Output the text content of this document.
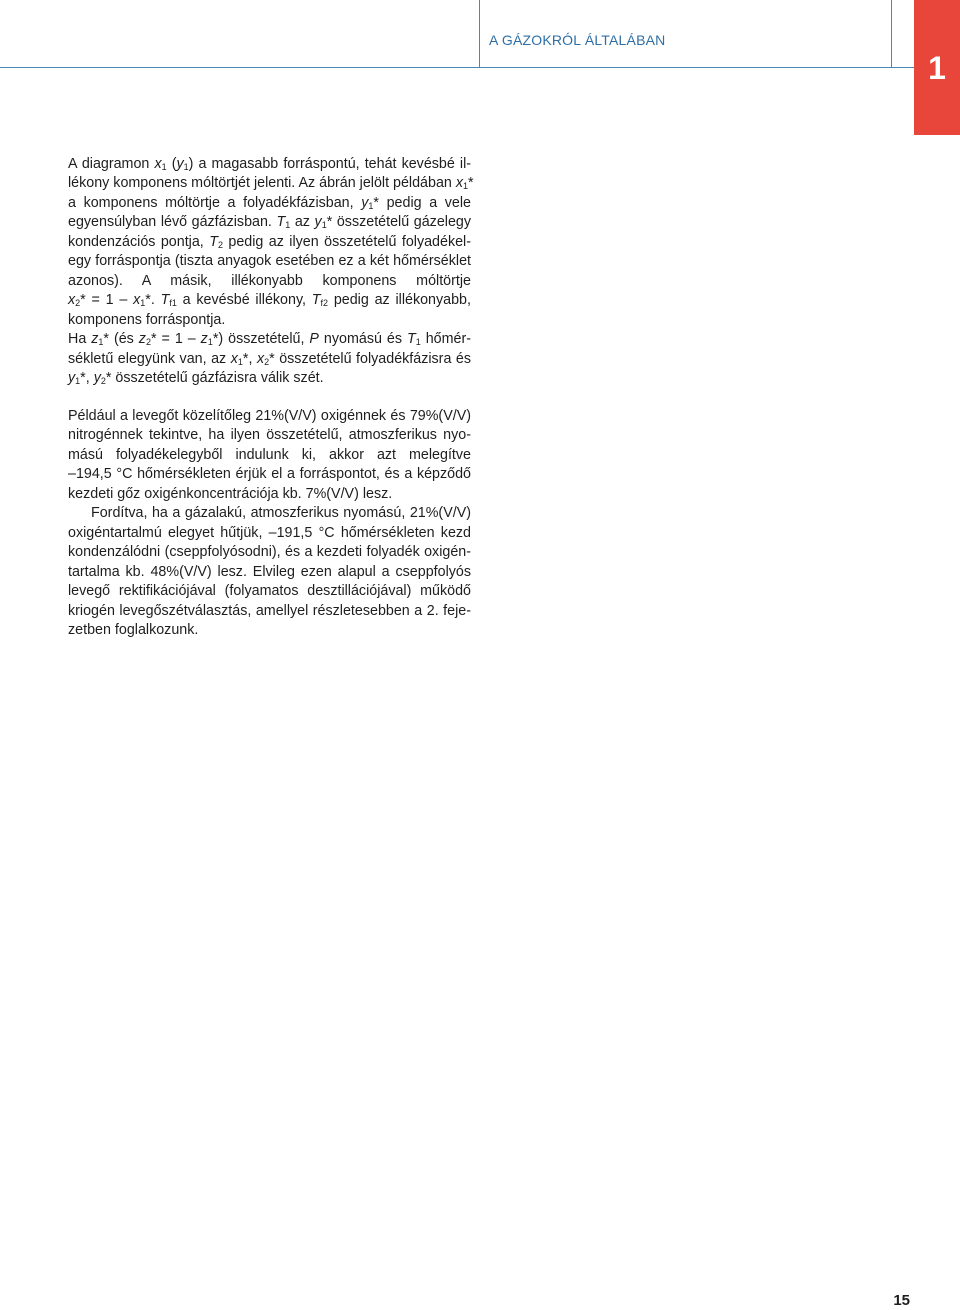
A GÁZOKRÓL ÁLTALÁBAN
1

A diagramon $x_1$ $(y_1)$ a magasabb forráspontú, tehát kevésbé il-
lékony komponens móltörtjét jelenti. Az ábrán jelölt példában $x_1*$
a komponens móltörtje a folyadékfázisban, $y_1*$ pedig a vele
egyensúlyban lévő gázfázisban. $T_1$ az $y_1*$ összetételű gázelegy
kondenzációs pontja, $T_2$ pedig az ilyen összetételű folyadékel-
egy forráspontja (tiszta anyagok esetében ez a két hőmérséklet
azonos). A másik, illékonyabb komponens móltörtje
$x_2* = 1 - x_1*$. $T_{f1}$ a kevésbé illékony, $T_{f2}$ pedig az illékonyabb,
komponens forráspontja.

Ha $z_1*$ (és $z_2* = 1 - z_1*$) összetételű, P nyomású és $T_1$ hőmér-
sékletű elegyünk van, az $x_1*$, $x_2*$ összetételű folyadékfázisra és
$y_1*$, $y_2*$ összetételű gázfázisra válik szét.

Például a levegőt közelítőleg 21%(V/V) oxigénnek és 79%(V/V)
nitrogénnek tekintve, ha ilyen összetételű, atmoszferikus nyo-
mású folyadékelegyből indulunk ki, akkor azt melegítve
–194,5 °C hőmérsékleten érjük el a forráspontot, és a képződő
kezdeti gőz oxigénkoncentrációja kb. 7%(V/V) lesz.

Fordítva, ha a gázalakú, atmoszferikus nyomású, 21%(V/V)
oxigéntartalmú elegyet hűtjük, –191,5 °C hőmérsékleten kezd
kondenzálódni (cseppfolyósodni), és a kezdeti folyadék oxigén-
tartalma kb. 48%(V/V) lesz. Elvileg ezen alapul a cseppfolyós
levegő rektifikációjával (folyamatos desztillációjával) működő
kriogén levegőszétválasztás, amellyel részletesebben a 2. feje-
zetben foglalkozunk.

15
